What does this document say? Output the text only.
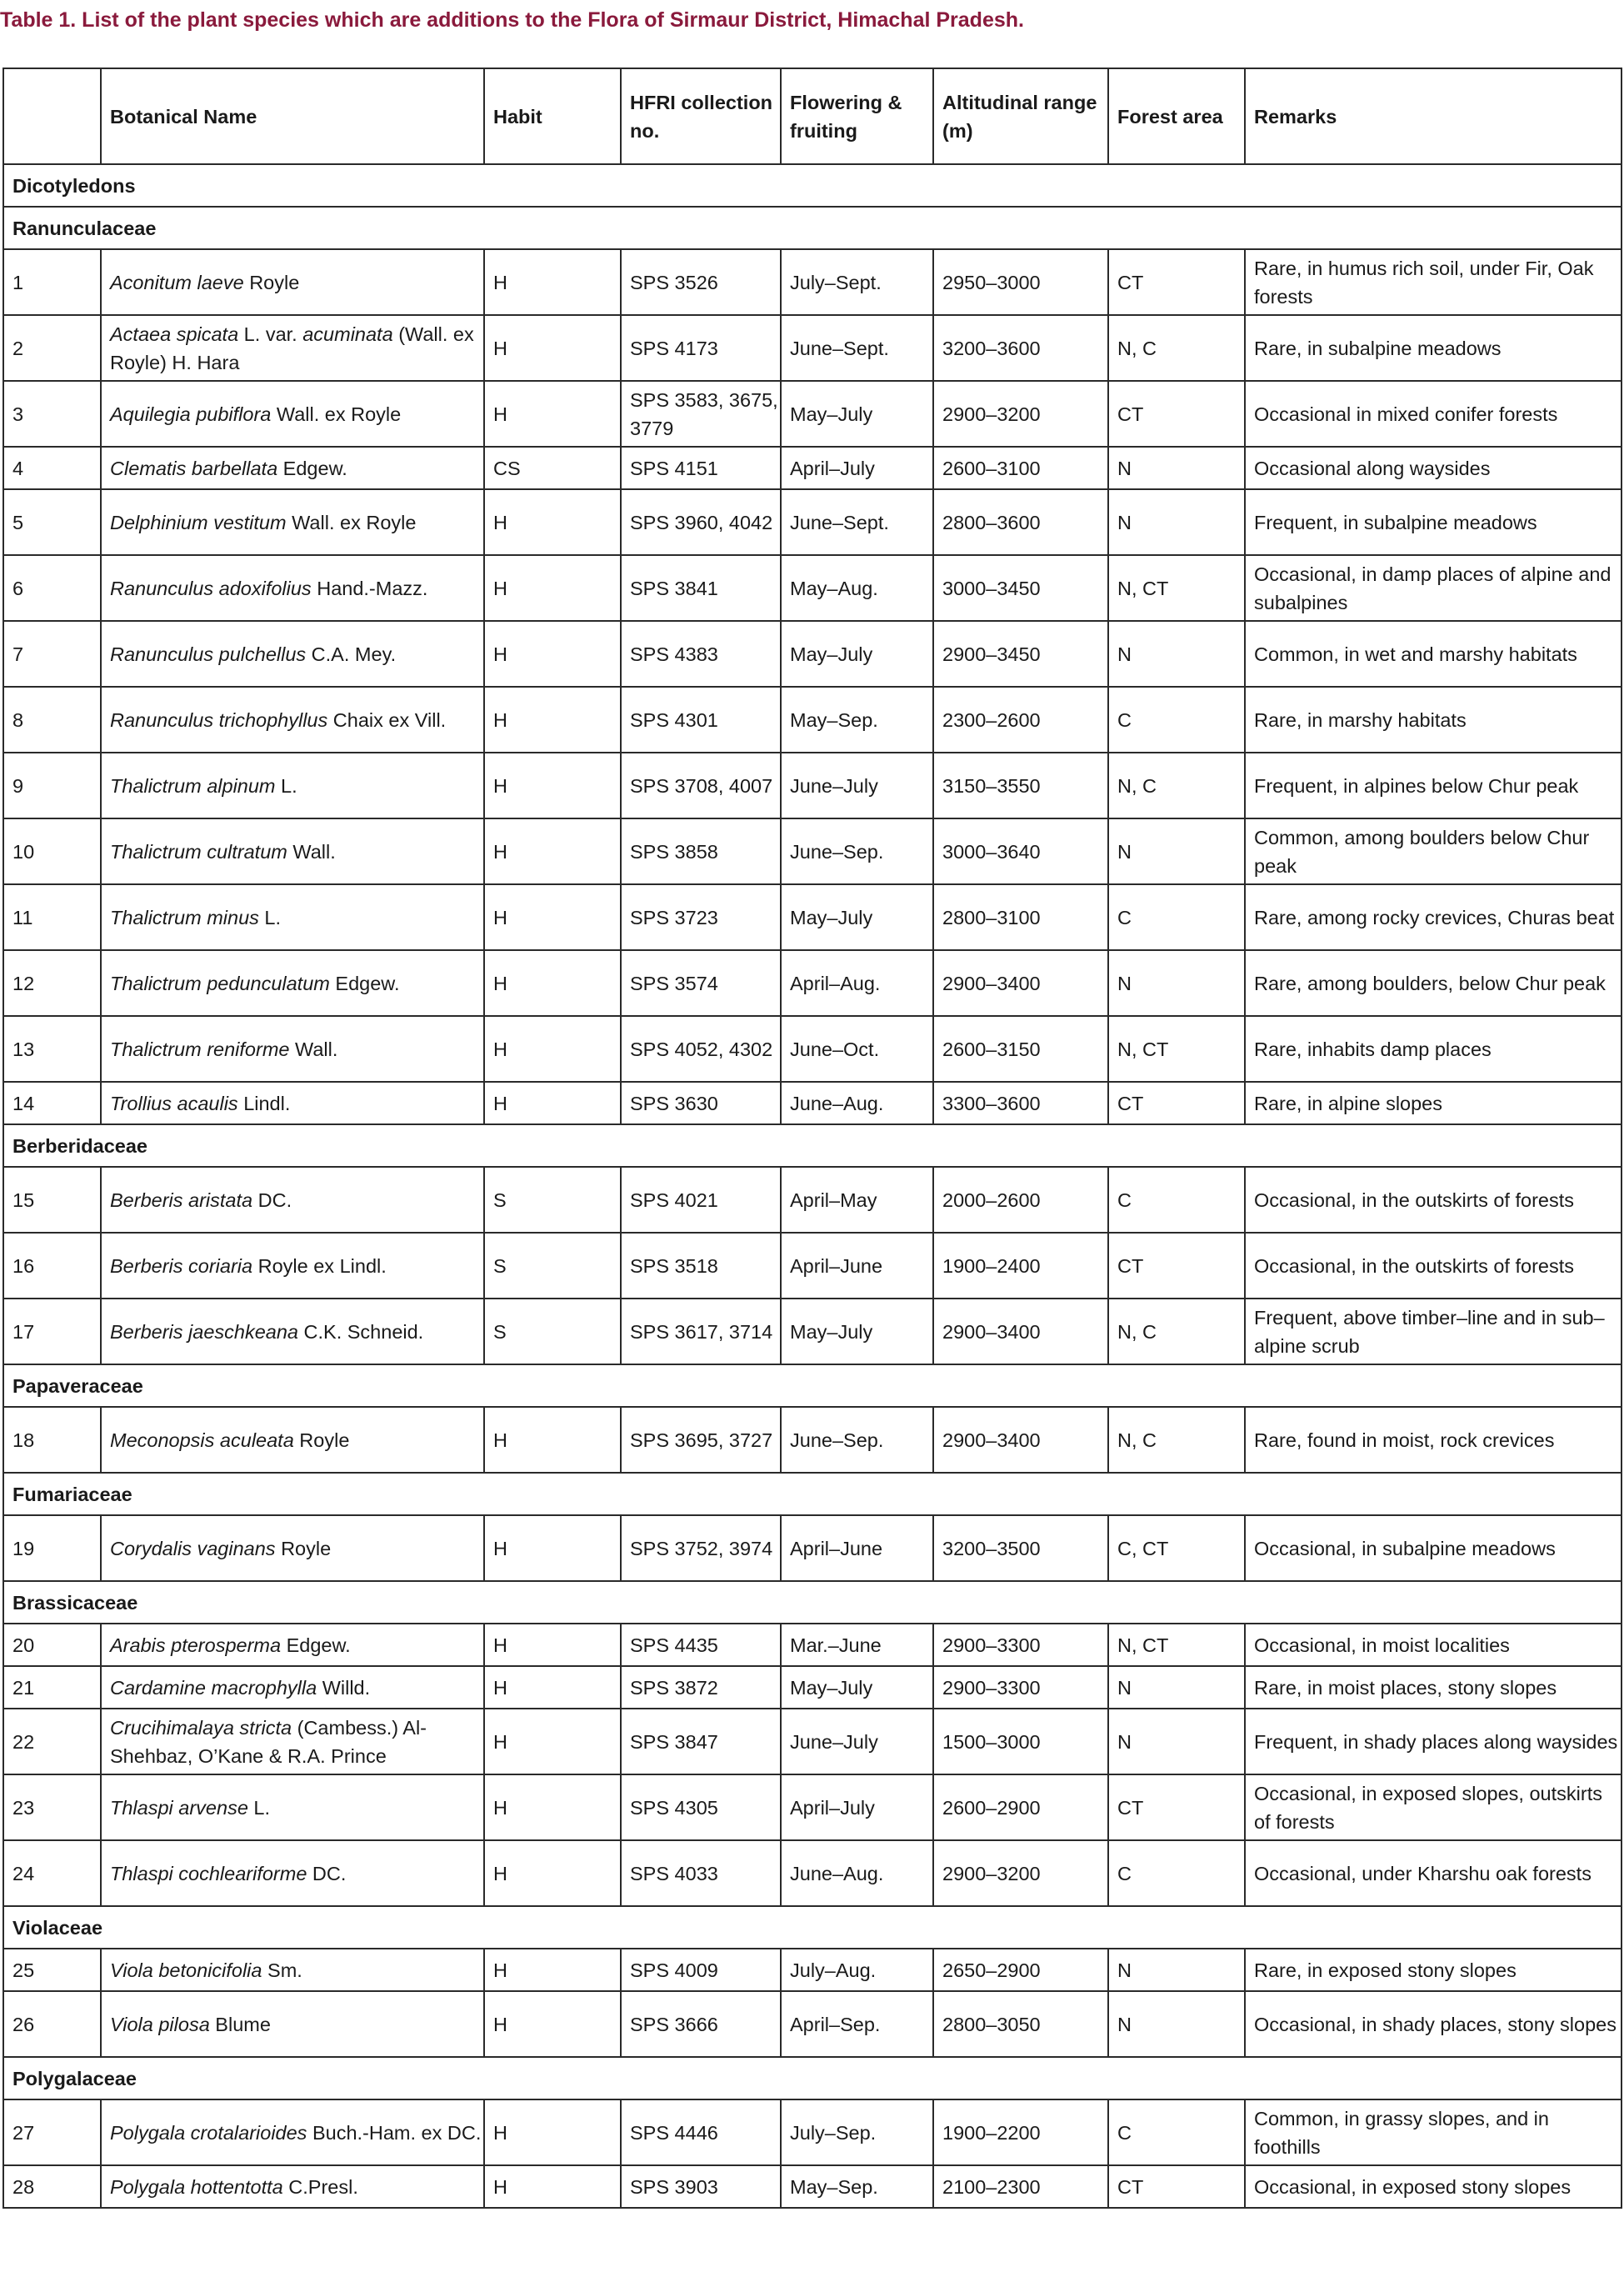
Table 1. List of the plant species which are additions to the Flora of Sirmaur District, Himachal Pradesh.
	Botanical Name	Habit	HFRI collection no.	Flowering & fruiting	Altitudinal range (m)	Forest area	Remarks
Dicotyledons							
Ranunculaceae							
1	Aconitum laeve Royle	H	SPS 3526	July–Sept.	2950–3000	CT	Rare, in humus rich soil, under Fir, Oak forests
2	Actaea spicata L. var. acuminata (Wall. ex Royle) H. Hara	H	SPS 4173	June–Sept.	3200–3600	N, C	Rare, in subalpine meadows
3	Aquilegia pubiflora Wall. ex Royle	H	SPS 3583, 3675, 3779	May–July	2900–3200	CT	Occasional in mixed conifer forests
4	Clematis barbellata Edgew.	CS	SPS 4151	April–July	2600–3100	N	Occasional along waysides
5	Delphinium vestitum Wall. ex Royle	H	SPS 3960, 4042	June–Sept.	2800–3600	N	Frequent, in subalpine meadows
6	Ranunculus adoxifolius Hand.-Mazz.	H	SPS 3841	May–Aug.	3000–3450	N, CT	Occasional, in damp places of alpine and subalpines
7	Ranunculus pulchellus C.A. Mey.	H	SPS 4383	May–July	2900–3450	N	Common, in wet and marshy habitats
8	Ranunculus trichophyllus Chaix ex Vill.	H	SPS 4301	May–Sep.	2300–2600	C	Rare, in marshy habitats
9	Thalictrum alpinum L.	H	SPS 3708, 4007	June–July	3150–3550	N, C	Frequent, in alpines below Chur peak
10	Thalictrum cultratum Wall.	H	SPS 3858	June–Sep.	3000–3640	N	Common, among boulders below Chur peak
11	Thalictrum minus L.	H	SPS 3723	May–July	2800–3100	C	Rare, among rocky crevices, Churas beat
12	Thalictrum pedunculatum Edgew.	H	SPS 3574	April–Aug.	2900–3400	N	Rare, among boulders, below Chur peak
13	Thalictrum reniforme Wall.	H	SPS 4052, 4302	June–Oct.	2600–3150	N, CT	Rare, inhabits damp places
14	Trollius acaulis Lindl.	H	SPS 3630	June–Aug.	3300–3600	CT	Rare, in alpine slopes
Berberidaceae							
15	Berberis aristata DC.	S	SPS 4021	April–May	2000–2600	C	Occasional, in the outskirts of forests
16	Berberis coriaria Royle ex Lindl.	S	SPS 3518	April–June	1900–2400	CT	Occasional, in the outskirts of forests
17	Berberis jaeschkeana C.K. Schneid.	S	SPS 3617, 3714	May–July	2900–3400	N, C	Frequent, above timber–line and in sub–alpine scrub
Papaveraceae							
18	Meconopsis aculeata Royle	H	SPS 3695, 3727	June–Sep.	2900–3400	N, C	Rare, found in moist, rock crevices
Fumariaceae							
19	Corydalis vaginans Royle	H	SPS 3752, 3974	April–June	3200–3500	C, CT	Occasional, in subalpine meadows
Brassicaceae							
20	Arabis pterosperma Edgew.	H	SPS 4435	Mar.–June	2900–3300	N, CT	Occasional, in moist localities
21	Cardamine macrophylla Willd.	H	SPS 3872	May–July	2900–3300	N	Rare, in moist places, stony slopes
22	Crucihimalaya stricta (Cambess.) Al-Shehbaz, O’Kane & R.A. Prince	H	SPS 3847	June–July	1500–3000	N	Frequent, in shady places along waysides
23	Thlaspi arvense L.	H	SPS 4305	April–July	2600–2900	CT	Occasional, in exposed slopes, outskirts of forests
24	Thlaspi cochleariforme DC.	H	SPS 4033	June–Aug.	2900–3200	C	Occasional, under Kharshu oak forests
Violaceae							
25	Viola betonicifolia Sm.	H	SPS 4009	July–Aug.	2650–2900	N	Rare, in exposed stony slopes
26	Viola pilosa Blume	H	SPS 3666	April–Sep.	2800–3050	N	Occasional, in shady places, stony slopes
Polygalaceae							
27	Polygala crotalarioides Buch.-Ham. ex DC.	H	SPS 4446	July–Sep.	1900–2200	C	Common, in grassy slopes, and in foothills
28	Polygala hottentotta C.Presl.	H	SPS 3903	May–Sep.	2100–2300	CT	Occasional, in exposed stony slopes
